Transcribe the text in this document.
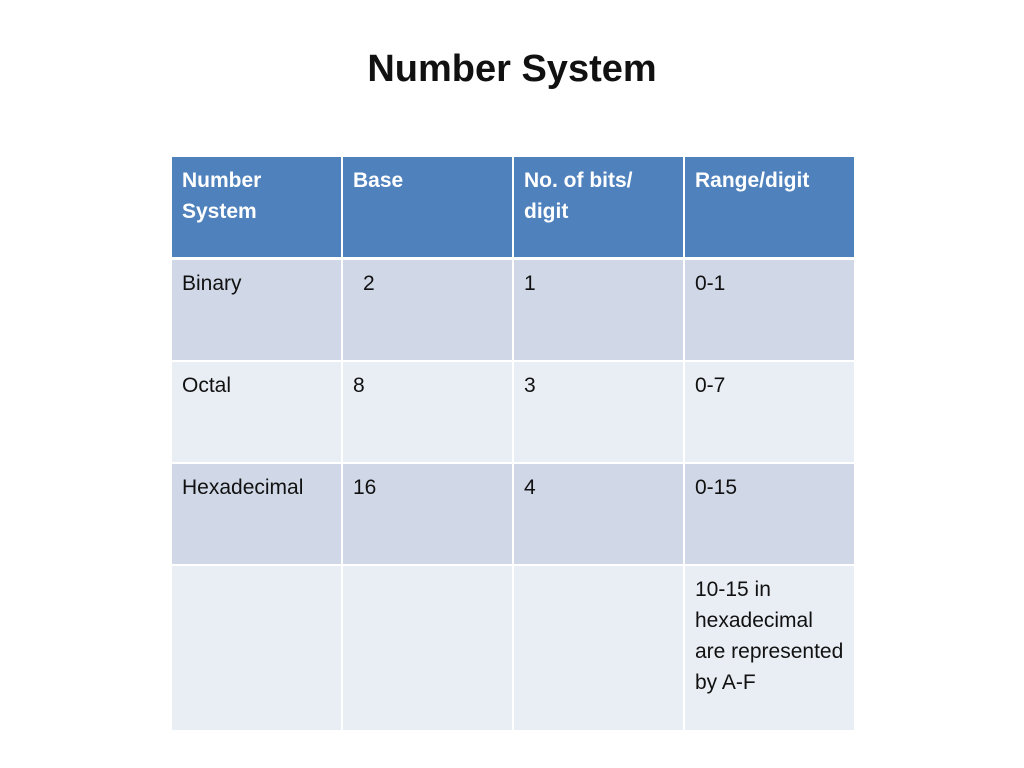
Number System
Number System	Base	No. of bits/ digit	Range/digit
Binary	2	1	0-1
Octal	8	3	0-7
Hexadecimal	16	4	0-15
			10-15 in hexadecimal are represented by A-F
